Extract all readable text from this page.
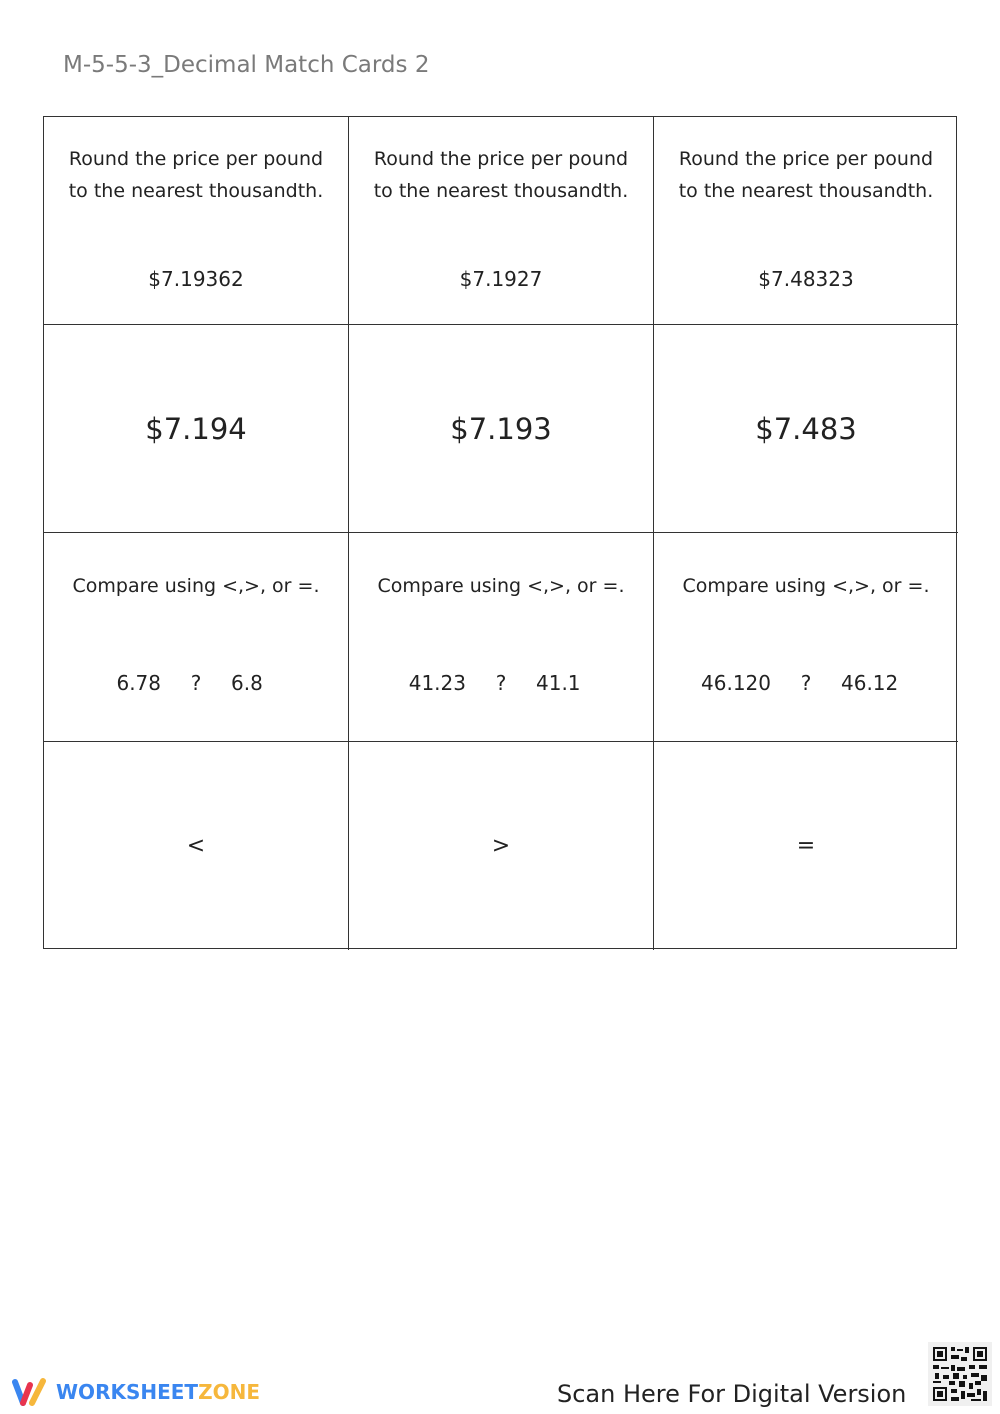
M-5-5-3_Decimal Match Cards 2
Round the price per pound
to the nearest thousandth.
$7.19362
Round the price per pound
to the nearest thousandth.
$7.1927
Round the price per pound
to the nearest thousandth.
$7.48323
$7.194	$7.193	$7.483
Compare using <,>, or =.
6.78	?	6.8
Compare using <,>, or =.
41.23	?	41.1
Compare using <,>, or =.
46.120	?	46.12
<	>	=
WORKSHEETZONE	Scan Here For Digital Version
